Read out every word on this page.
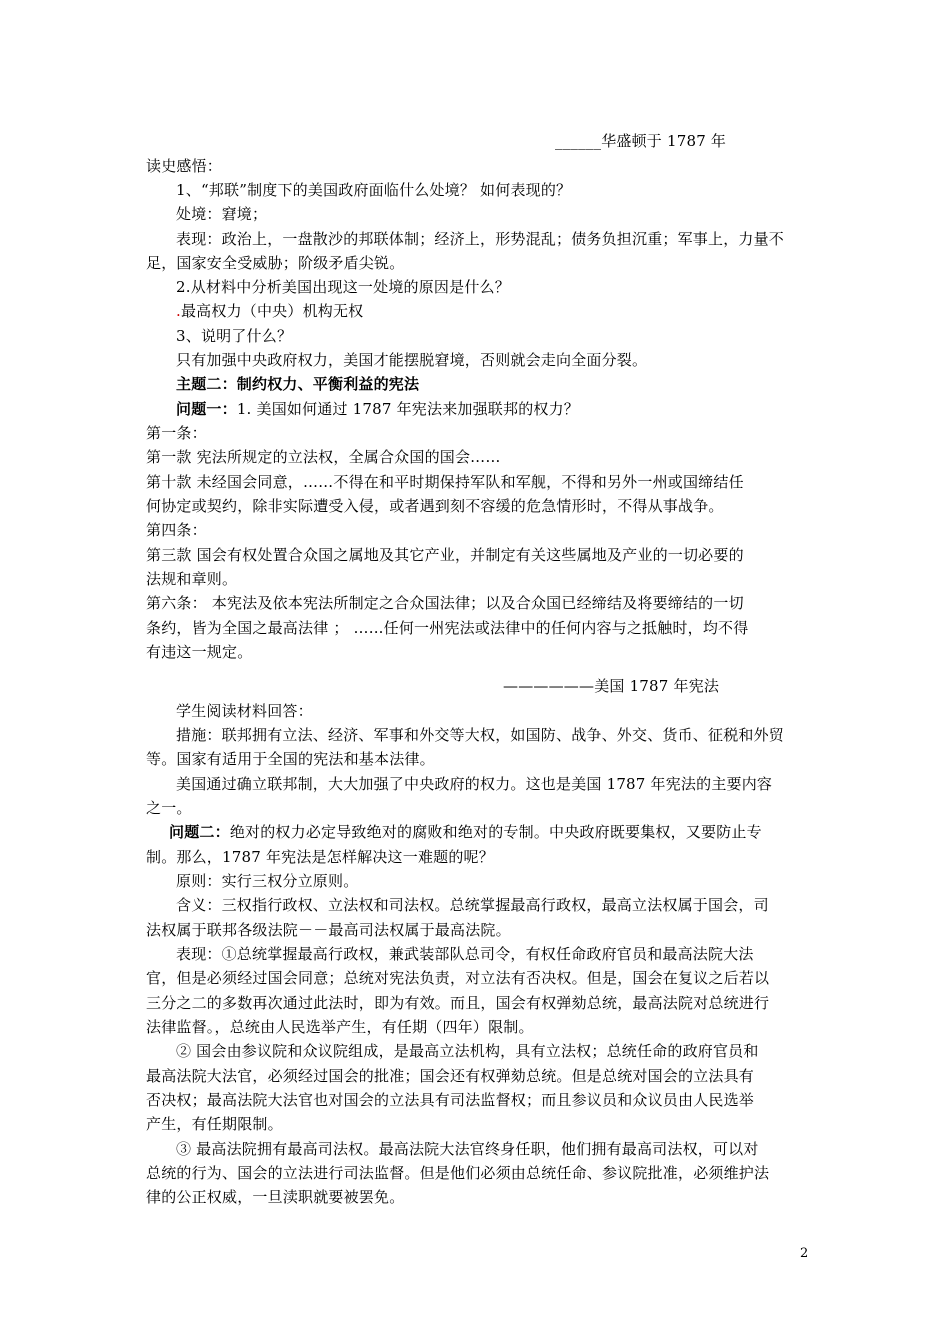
______华盛顿于 1787 年
读史感悟：
1、“邦联”制度下的美国政府面临什么处境？ 如何表现的？
处境：窘境；
表现：政治上，一盘散沙的邦联体制；经济上，形势混乱；债务负担沉重；军事上，力量不
足，国家安全受威胁；阶级矛盾尖锐。
2.从材料中分析美国出现这一处境的原因是什么？
.最高权力（中央）机构无权
3、说明了什么？
只有加强中央政府权力，美国才能摆脱窘境，否则就会走向全面分裂。
主题二：制约权力、平衡利益的宪法
问题一：1. 美国如何通过 1787 年宪法来加强联邦的权力？
第一条：
第一款 宪法所规定的立法权，全属合众国的国会……
第十款 未经国会同意，……不得在和平时期保持军队和军舰，不得和另外一州或国缔结任
何协定或契约，除非实际遭受入侵，或者遇到刻不容缓的危急情形时，不得从事战争。
第四条：
第三款 国会有权处置合众国之属地及其它产业，并制定有关这些属地及产业的一切必要的
法规和章则。
第六条： 本宪法及依本宪法所制定之合众国法律；以及合众国已经缔结及将要缔结的一切
条约，皆为全国之最高法律 ； …...任何一州宪法或法律中的任何内容与之抵触时，均不得
有违这一规定。
——————美国 1787 年宪法
学生阅读材料回答：
措施：联邦拥有立法、经济、军事和外交等大权，如国防、战争、外交、货币、征税和外贸
等。国家有适用于全国的宪法和基本法律。
美国通过确立联邦制，大大加强了中央政府的权力。这也是美国 1787 年宪法的主要内容
之一。
问题二：绝对的权力必定导致绝对的腐败和绝对的专制。中央政府既要集权，又要防止专
制。那么，1787 年宪法是怎样解决这一难题的呢？
原则：实行三权分立原则。
含义：三权指行政权、立法权和司法权。总统掌握最高行政权，最高立法权属于国会，司
法权属于联邦各级法院－－最高司法权属于最高法院。
表现：①总统掌握最高行政权，兼武装部队总司令，有权任命政府官员和最高法院大法
官，但是必须经过国会同意；总统对宪法负责，对立法有否决权。但是，国会在复议之后若以
三分之二的多数再次通过此法时，即为有效。而且，国会有权弹劾总统，最高法院对总统进行
法律监督。，总统由人民选举产生，有任期（四年）限制。
② 国会由参议院和众议院组成，是最高立法机构，具有立法权；总统任命的政府官员和
最高法院大法官，必须经过国会的批准；国会还有权弹劾总统。但是总统对国会的立法具有
否决权；最高法院大法官也对国会的立法具有司法监督权；而且参议员和众议员由人民选举
产生，有任期限制。
③ 最高法院拥有最高司法权。最高法院大法官终身任职，他们拥有最高司法权，可以对
总统的行为、国会的立法进行司法监督。但是他们必须由总统任命、参议院批准，必须维护法
律的公正权威，一旦渎职就要被罢免。
2
